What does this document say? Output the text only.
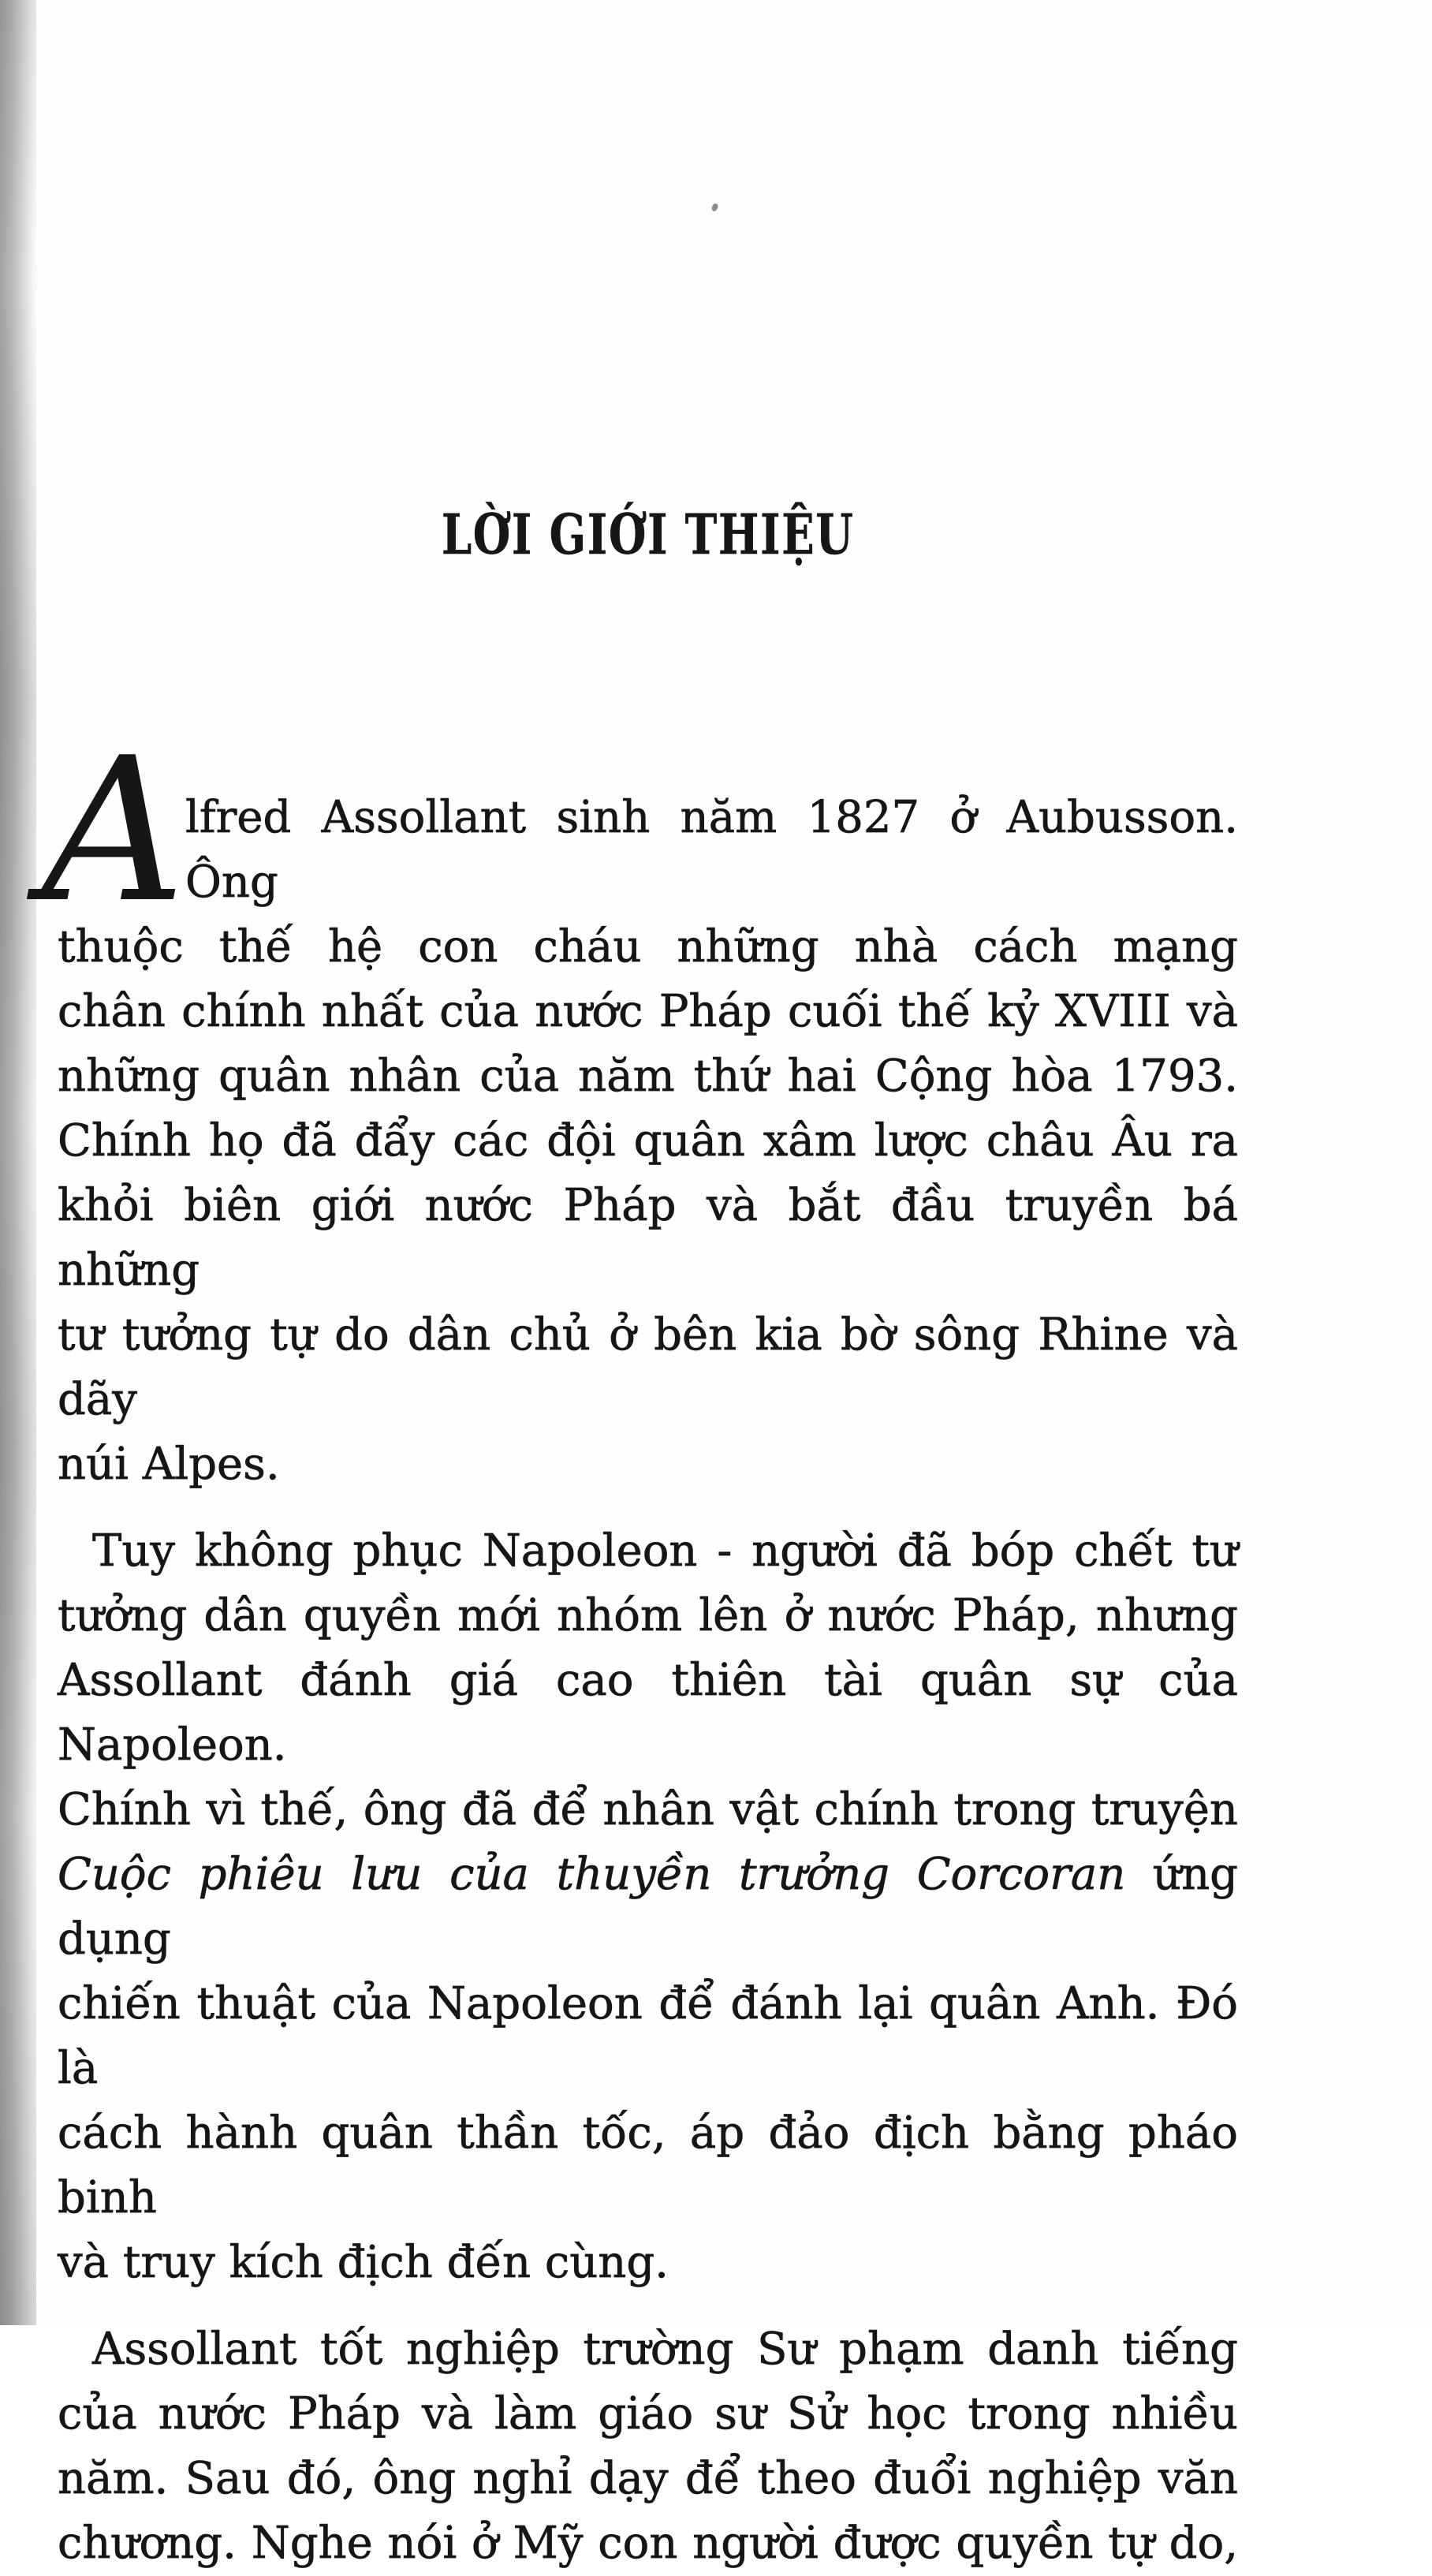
LỜI GIỚI THIỆU
A lfred Assollant sinh năm 1827 ở Aubusson. Ông
thuộc thế hệ con cháu những nhà cách mạng
chân chính nhất của nước Pháp cuối thế kỷ XVIII và
những quân nhân của năm thứ hai Cộng hòa 1793.
Chính họ đã đẩy các đội quân xâm lược châu Âu ra
khỏi biên giới nước Pháp và bắt đầu truyền bá những
tư tưởng tự do dân chủ ở bên kia bờ sông Rhine và dãy
núi Alpes.
Tuy không phục Napoleon - người đã bóp chết tư
tưởng dân quyền mới nhóm lên ở nước Pháp, nhưng
Assollant đánh giá cao thiên tài quân sự của Napoleon.
Chính vì thế, ông đã để nhân vật chính trong truyện
Cuộc phiêu lưu của thuyền trưởng Corcoran ứng dụng
chiến thuật của Napoleon để đánh lại quân Anh. Đó là
cách hành quân thần tốc, áp đảo địch bằng pháo binh
và truy kích địch đến cùng.
Assollant tốt nghiệp trường Sư phạm danh tiếng
của nước Pháp và làm giáo sư Sử học trong nhiều
năm. Sau đó, ông nghỉ dạy để theo đuổi nghiệp văn
chương. Nghe nói ở Mỹ con người được quyền tự do,
